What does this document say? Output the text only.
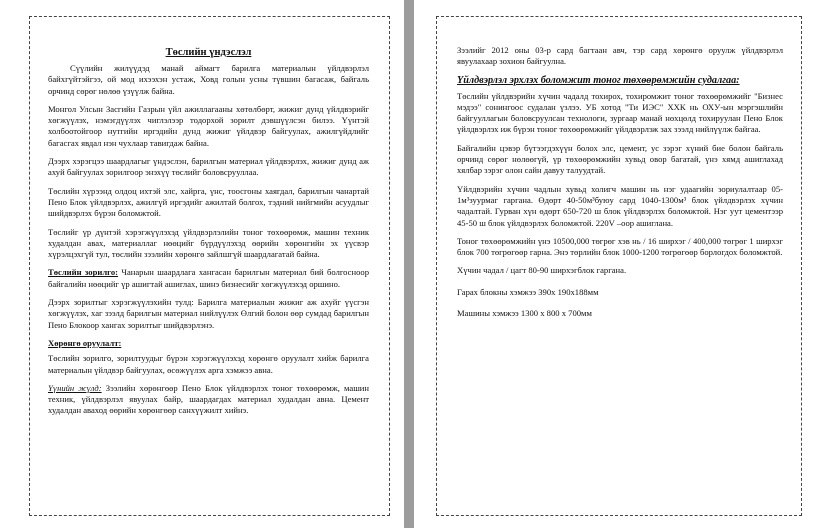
Төслийн үндэслэл

Сүүлийн жилүүдэд манай аймагт барилга материалын үйлдвэрлэл байхгүйтэйгээ, ой мод ихээхэн устаж, Ховд голын усны түвшин багасаж, байгаль орчинд сөрөг нөлөө үзүүлж байна.

Монгол Улсын Засгийн Газрын үйл ажиллагааны хөтөлбөрт, жижиг дунд үйлдвэрийг хөгжүүлэх, нэмэгдүүлэх чиглэлээр тодорхой зорилт дэвшүүлсэн билээ. Үүнтэй холбоотойгоор нутгийн иргэдийн дунд жижиг үйлдвэр байгуулах, ажилгүйдлийг багасгах явдал нэн чухлаар тавигдаж байна.

Дээрх хэрэгцээ шаардлагыг үндэслэн, барилгын материал үйлдвэрлэх, жижиг дунд аж ахуй байгуулах зорилгоор энэхүү төслийг боловсрууллаа.

Төслийн хүрээнд олдоц ихтэй элс, хайрга, үнс, тоосгоны хаягдал, барилгын чанартай Пено Блок үйлдвэрлэх, ажилгүй иргэдийг ажилтай болгох, тэдний нийгмийн асуудлыг шийдвэрлэх бүрэн боломжтой.

Төслийг үр дүнтэй хэрэгжүүлэхэд үйлдвэрлэлийн тоног төхөөрөмж, машин техник худалдан авах, материаллаг нөөцийг бүрдүүлэхэд өөрийн хөрөнгийн эх үүсвэр хүрэлцэхгүй тул, төслийн зээлийн хөрөнгө зайлшгүй шаардлагатай байна.

Төслийн зорилго: Чанарын шаардлага хангасан барилгын материал бий болгосноор байгалийн нөөцийг үр ашигтай ашиглах, шинэ бизнесийг хөгжүүлэхэд оршино.

Дээрх зорилтыг хэрэгжүүлэхийн тулд: Барилга материалын жижиг аж ахуйг үүсгэн хөгжүүлэх, хаг зээлд барилгын материал нийлүүлэх Өлгий болон өөр сумдад барилгын Пено Блокоор хангах зорилтыг шийдвэрлэнэ.

Хөрөнгө оруулалт:

Төслийн зорилго, зорилтуудыг бүрэн хэрэгжүүлэхэд хөрөнгө оруулалт хийж барилга материалын үйлдвэр байгуулах, өсөжүүлэх арга хэмжээ авна.

Үүнийн жүлд: Зээлийн хөрөнгөөр Пено Блок үйлдвэрлэх тоног төхөөрөмж, машин техник, үйлдвэрлэл явуулах байр, шаардагдах материал худалдан авна. Цемент худалдан аваход өөрийн хөрөнгөөр санхүүжилт хийнэ.

Зээлийг 2012 оны 03-р сард багтаан авч, тэр сард хөрөнгө оруулж үйлдвэрлэл явуулахаар зохион байгуулна.

Үйлдвэрлэл эрхлэх боломжит тоног төхөөрөмжийн судалгаа:

Төслийн үйлдвэрийн хүчин чадалд тохирох, тохиромжит тоног төхөөрөмжийг "Бизнес мэдээ" сонингоос судалан үзлээ. УБ хотод "Ти ИЭС" ХХК нь ОХУ-ын мэргэшлийн байгууллагын боловсруулсан технологи, зургаар манай нөхцөлд тохируулан Пено Блок үйлдвэрлэх иж бүрэн тоног төхөөрөмжийг үйлдвэрлэж зах зээлд нийлүүлж байгаа.

Байгалийн цэвэр бүтээгдэхүүн болох элс, цемент, ус зэрэг хүний бие болон байгаль орчинд сөрөг нөлөөгүй, үр төхөөрөмжийн хувьд овор багатай, үнэ хямд ашиглахад хялбар зэрэг олон сайн давуу талуудтай.

Үйлдвэрийн хүчин чадлын хувьд холигч машин нь нэг удаагийн зориулалтаар 05-1м³зуурмаг гаргана. Өдөрт 40-50м³буюу сард 1040-1300м³ блок үйлдвэрлэх хүчин чадалтай. Гурван хүн өдөрт 650-720 ш блок үйлдвэрлэх боломжтой. Нэг уут цементээр 45-50 ш блок үйлдвэрлэх боломжтой. 220V –оор ашиглана.

Тоног төхөөрөмжийн үнэ 10500,000 төгрөг хэв нь / 16 ширхэг / 400,000 төгрөг 1 ширхэг блок 700 төгрөгөөр гарна. Энэ төрлийн блок 1000-1200 төгрөгөөр борлогдох боломжтой.

Хүчин чадал / цагт 80-90 ширхэгблок гаргана.

Гарах блокны хэмжээ 390х 190х188мм

Машины хэмжээ 1300 х 800 х 700мм
